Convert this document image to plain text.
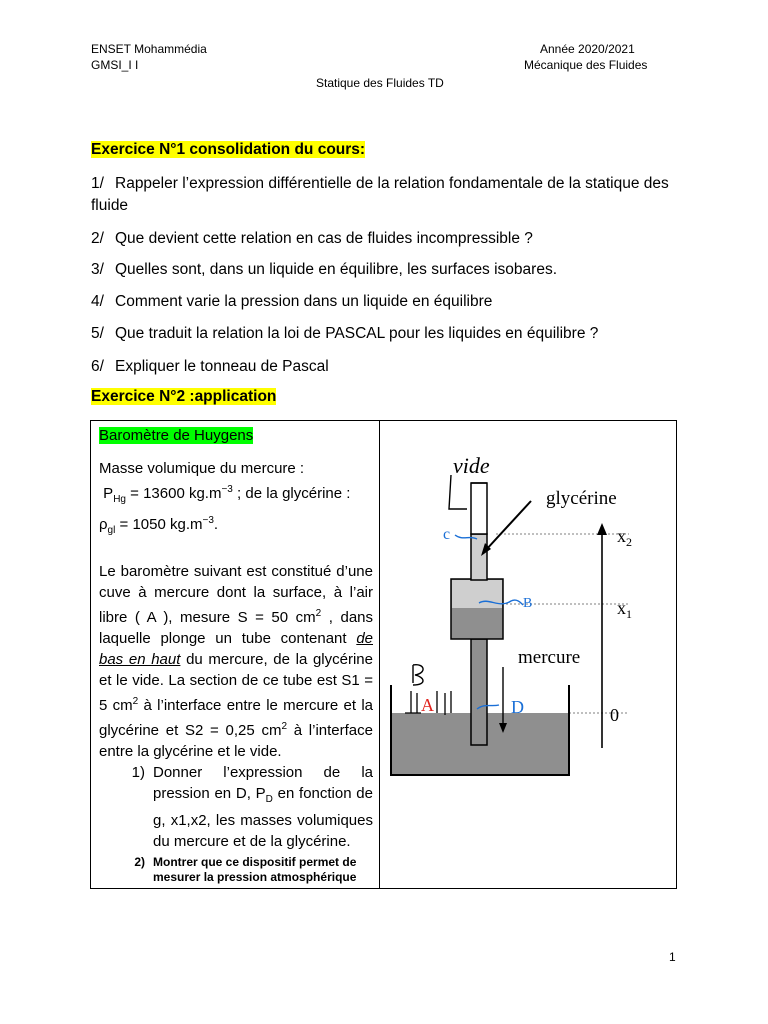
ENSET Mohammédia
GMSI_I I
Année 2020/2021
Mécanique des Fluides
Statique des Fluides TD
Exercice N°1 consolidation du cours:
1/ Rappeler l’expression différentielle de la relation fondamentale de la statique des fluide
2/ Que devient cette relation en cas de fluides incompressible ?
3/ Quelles sont, dans un liquide en équilibre, les surfaces isobares.
4/ Comment varie la pression dans un liquide en équilibre
5/ Que traduit la relation la loi de PASCAL pour les liquides en équilibre ?
6/ Expliquer le tonneau de Pascal
Exercice N°2 :application
Baromètre de Huygens
Masse volumique du mercure :
$P_{Hg} = 13600$ $kg.m^{-3}$ ; de la glycérine :
$\rho_{gl} = 1050$ $kg.m^{-3}$.
Le baromètre suivant est constitué d’une cuve à mercure dont la surface, à l’air libre ( A ), mesure S = 50 $cm^2$ , dans laquelle plonge un tube contenant de bas en haut du mercure, de la glycérine et le vide. La section de ce tube est S1 = 5 $cm^2$ à l’interface entre le mercure et la glycérine et S2 = 0,25 $cm^2$ à l’interface entre la glycérine et le vide.
1) Donner l’expression de la pression en D, $P_D$ en fonction de g, x1,x2, les masses volumiques du mercure et de la glycérine.
2) Montrer que ce dispositif permet de mesurer la pression atmosphérique
vide
glycérine
mercure
$x_2$
$x_1$
0
A	D
B
c
1
